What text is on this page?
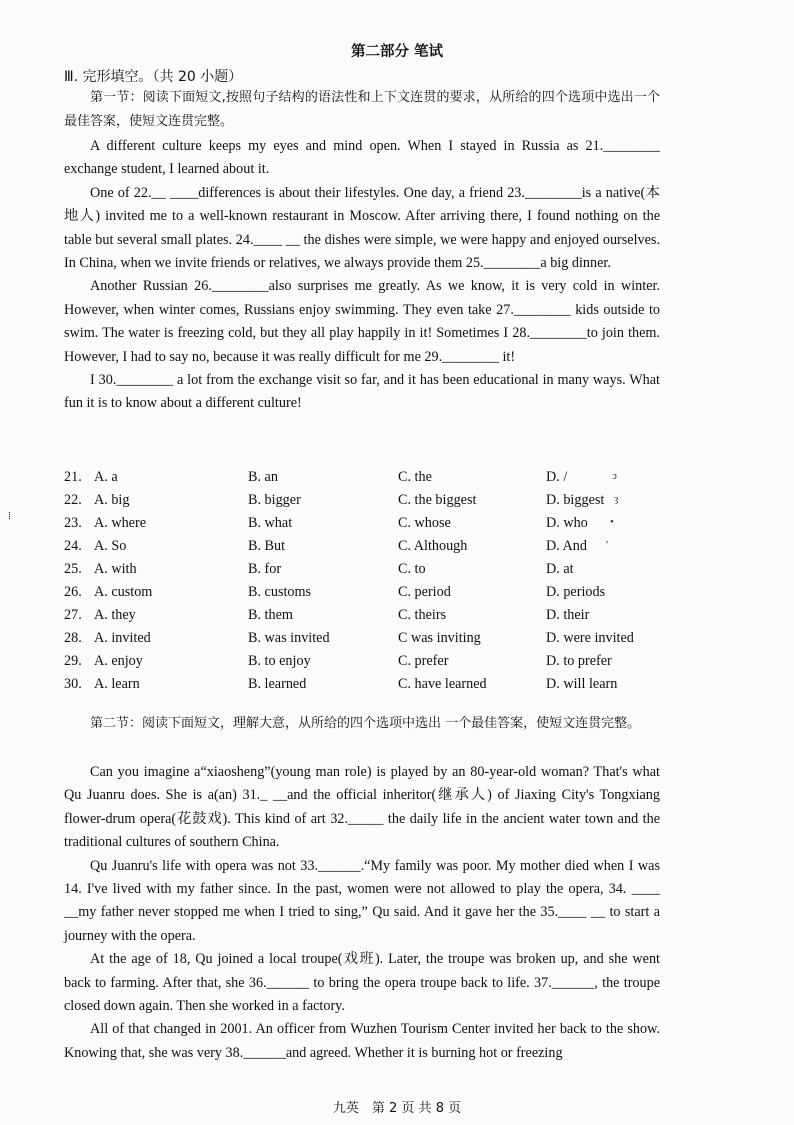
第二部分 笔试
Ⅲ. 完形填空。（共 20 小题）
第一节：阅读下面短文,按照句子结构的语法性和上下文连贯的要求，从所给的四个选项中选出一个最佳答案，使短文连贯完整。

A different culture keeps my eyes and mind open. When I stayed in Russia as 21.________ exchange student, I learned about it.

One of 22.__ ____differences is about their lifestyles. One day, a friend 23.________is a native(本地人) invited me to a well-known restaurant in Moscow. After arriving there, I found nothing on the table but several small plates. 24.____ __ the dishes were simple, we were happy and enjoyed ourselves. In China, when we invite friends or relatives, we always provide them 25.________a big dinner.

Another Russian 26.________also surprises me greatly. As we know, it is very cold in winter. However, when winter comes, Russians enjoy swimming. They even take 27.________ kids outside to swim. The water is freezing cold, but they all play happily in it! Sometimes I 28.________to join them. However, I had to say no, because it was really difficult for me 29.________ it!

I 30.________ a lot from the exchange visit so far, and it has been educational in many ways. What fun it is to know about a different culture!

21. A. a	B. an	C. the	D. /
22. A. big	B. bigger	C. the biggest	D. biggest
23. A. where	B. what	C. whose	D. who
24. A. So	B. But	C. Although	D. And
25. A. with	B. for	C. to	D. at
26. A. custom	B. customs	C. period	D. periods
27. A. they	B. them	C. theirs	D. their
28. A. invited	B. was invited	C was inviting	D. were invited
29. A. enjoy	B. to enjoy	C. prefer	D. to prefer
30. A. learn	B. learned	C. have learned	D. will learn
ↄ
ȝ
•
ʹ
⁞
第二节：阅读下面短文，理解大意，从所给的四个选项中选出 一个最佳答案，使短文连贯完整。

Can you imagine a“xiaosheng”(young man role) is played by an 80-year-old woman? That's what Qu Juanru does. She is a(an) 31._ __and the official inheritor(继承人) of Jiaxing City's Tongxiang flower-drum opera(花鼓戏). This kind of art 32._____ the daily life in the ancient water town and the traditional cultures of southern China.

Qu Juanru's life with opera was not 33.______.“My family was poor. My mother died when I was 14. I've lived with my father since. In the past, women were not allowed to play the opera, 34. ____ __my father never stopped me when I tried to sing,” Qu said. And it gave her the 35.____ __ to start a journey with the opera.

At the age of 18, Qu joined a local troupe(戏班). Later, the troupe was broken up, and she went back to farming. After that, she 36.______ to bring the opera troupe back to life. 37.______, the troupe closed down again. Then she worked in a factory.

All of that changed in 2001. An officer from Wuzhen Tourism Center invited her back to the show. Knowing that, she was very 38.______and agreed. Whether it is burning hot or freezing

九英　第 2 页 共 8 页
